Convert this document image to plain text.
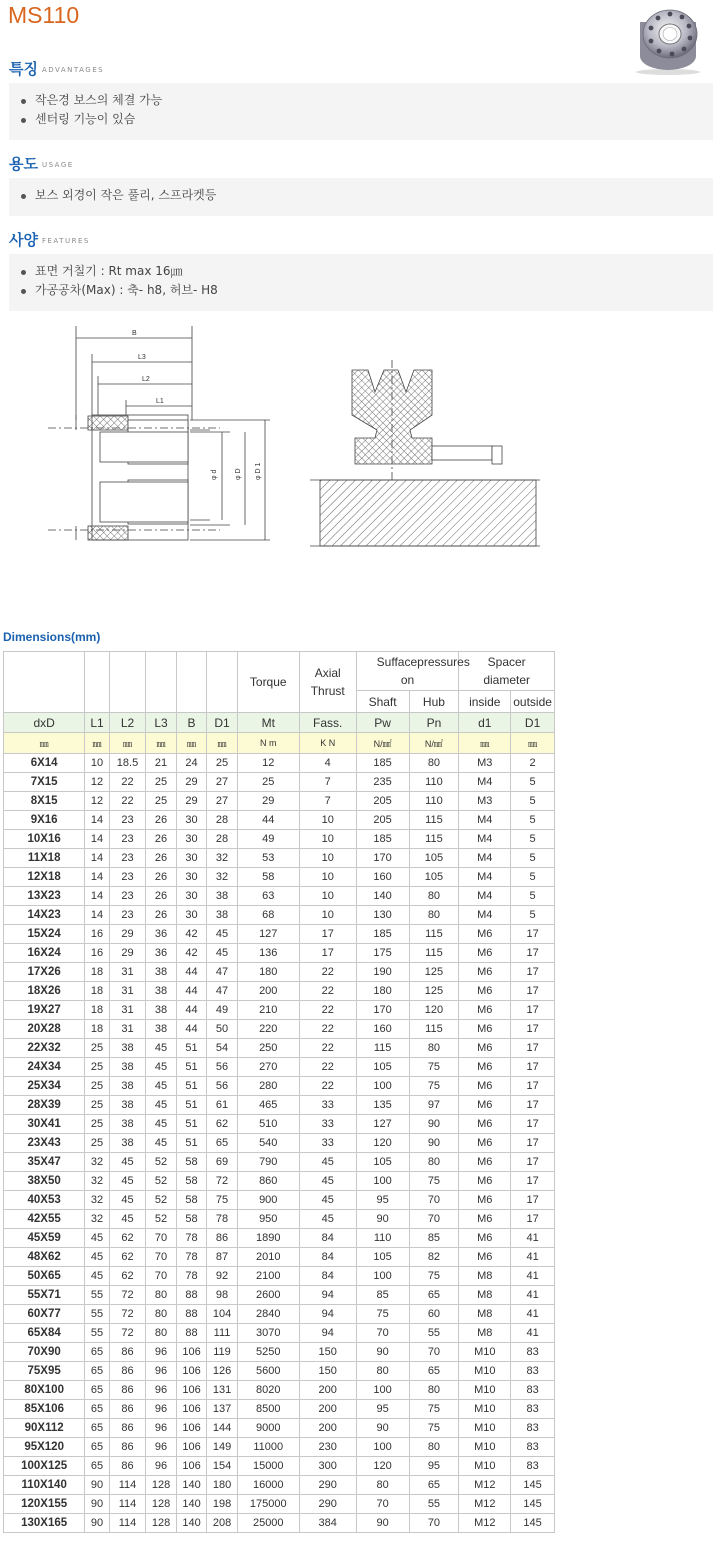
MS110
특징 ADVANTAGES
작은경 보스의 체결 가능
센터링 기능이 있슴
용도 USAGE
보스 외경이 작은 풀리, 스프라켓등
사양 FEATURES
표면 거칠기 : Rt max 16㎛
가공공차(Max) : 축- h8, 허브- H8
B
L3
L2
L1
φ d φ D φ D 1
Dimensions(mm)
						Torque	Axial Thrust	Suffacepressures on		Spacer diameter	
								Shaft	Hub	inside	outside
dxD	L1	L2	L3	B	D1	Mt	Fass.	Pw	Pn	d1	D1
㎜	㎜	㎜	㎜	㎜	㎜	N m	K N	N/㎟	N/㎟	㎜	㎜
6X14	10	18.5	21	24	25	12	4	185	80	M3	2
7X15	12	22	25	29	27	25	7	235	110	M4	5
8X15	12	22	25	29	27	29	7	205	110	M3	5
9X16	14	23	26	30	28	44	10	205	115	M4	5
10X16	14	23	26	30	28	49	10	185	115	M4	5
11X18	14	23	26	30	32	53	10	170	105	M4	5
12X18	14	23	26	30	32	58	10	160	105	M4	5
13X23	14	23	26	30	38	63	10	140	80	M4	5
14X23	14	23	26	30	38	68	10	130	80	M4	5
15X24	16	29	36	42	45	127	17	185	115	M6	17
16X24	16	29	36	42	45	136	17	175	115	M6	17
17X26	18	31	38	44	47	180	22	190	125	M6	17
18X26	18	31	38	44	47	200	22	180	125	M6	17
19X27	18	31	38	44	49	210	22	170	120	M6	17
20X28	18	31	38	44	50	220	22	160	115	M6	17
22X32	25	38	45	51	54	250	22	115	80	M6	17
24X34	25	38	45	51	56	270	22	105	75	M6	17
25X34	25	38	45	51	56	280	22	100	75	M6	17
28X39	25	38	45	51	61	465	33	135	97	M6	17
30X41	25	38	45	51	62	510	33	127	90	M6	17
23X43	25	38	45	51	65	540	33	120	90	M6	17
35X47	32	45	52	58	69	790	45	105	80	M6	17
38X50	32	45	52	58	72	860	45	100	75	M6	17
40X53	32	45	52	58	75	900	45	95	70	M6	17
42X55	32	45	52	58	78	950	45	90	70	M6	17
45X59	45	62	70	78	86	1890	84	110	85	M6	41
48X62	45	62	70	78	87	2010	84	105	82	M6	41
50X65	45	62	70	78	92	2100	84	100	75	M8	41
55X71	55	72	80	88	98	2600	94	85	65	M8	41
60X77	55	72	80	88	104	2840	94	75	60	M8	41
65X84	55	72	80	88	111	3070	94	70	55	M8	41
70X90	65	86	96	106	119	5250	150	90	70	M10	83
75X95	65	86	96	106	126	5600	150	80	65	M10	83
80X100	65	86	96	106	131	8020	200	100	80	M10	83
85X106	65	86	96	106	137	8500	200	95	75	M10	83
90X112	65	86	96	106	144	9000	200	90	75	M10	83
95X120	65	86	96	106	149	11000	230	100	80	M10	83
100X125	65	86	96	106	154	15000	300	120	95	M10	83
110X140	90	114	128	140	180	16000	290	80	65	M12	145
120X155	90	114	128	140	198	175000	290	70	55	M12	145
130X165	90	114	128	140	208	25000	384	90	70	M12	145
